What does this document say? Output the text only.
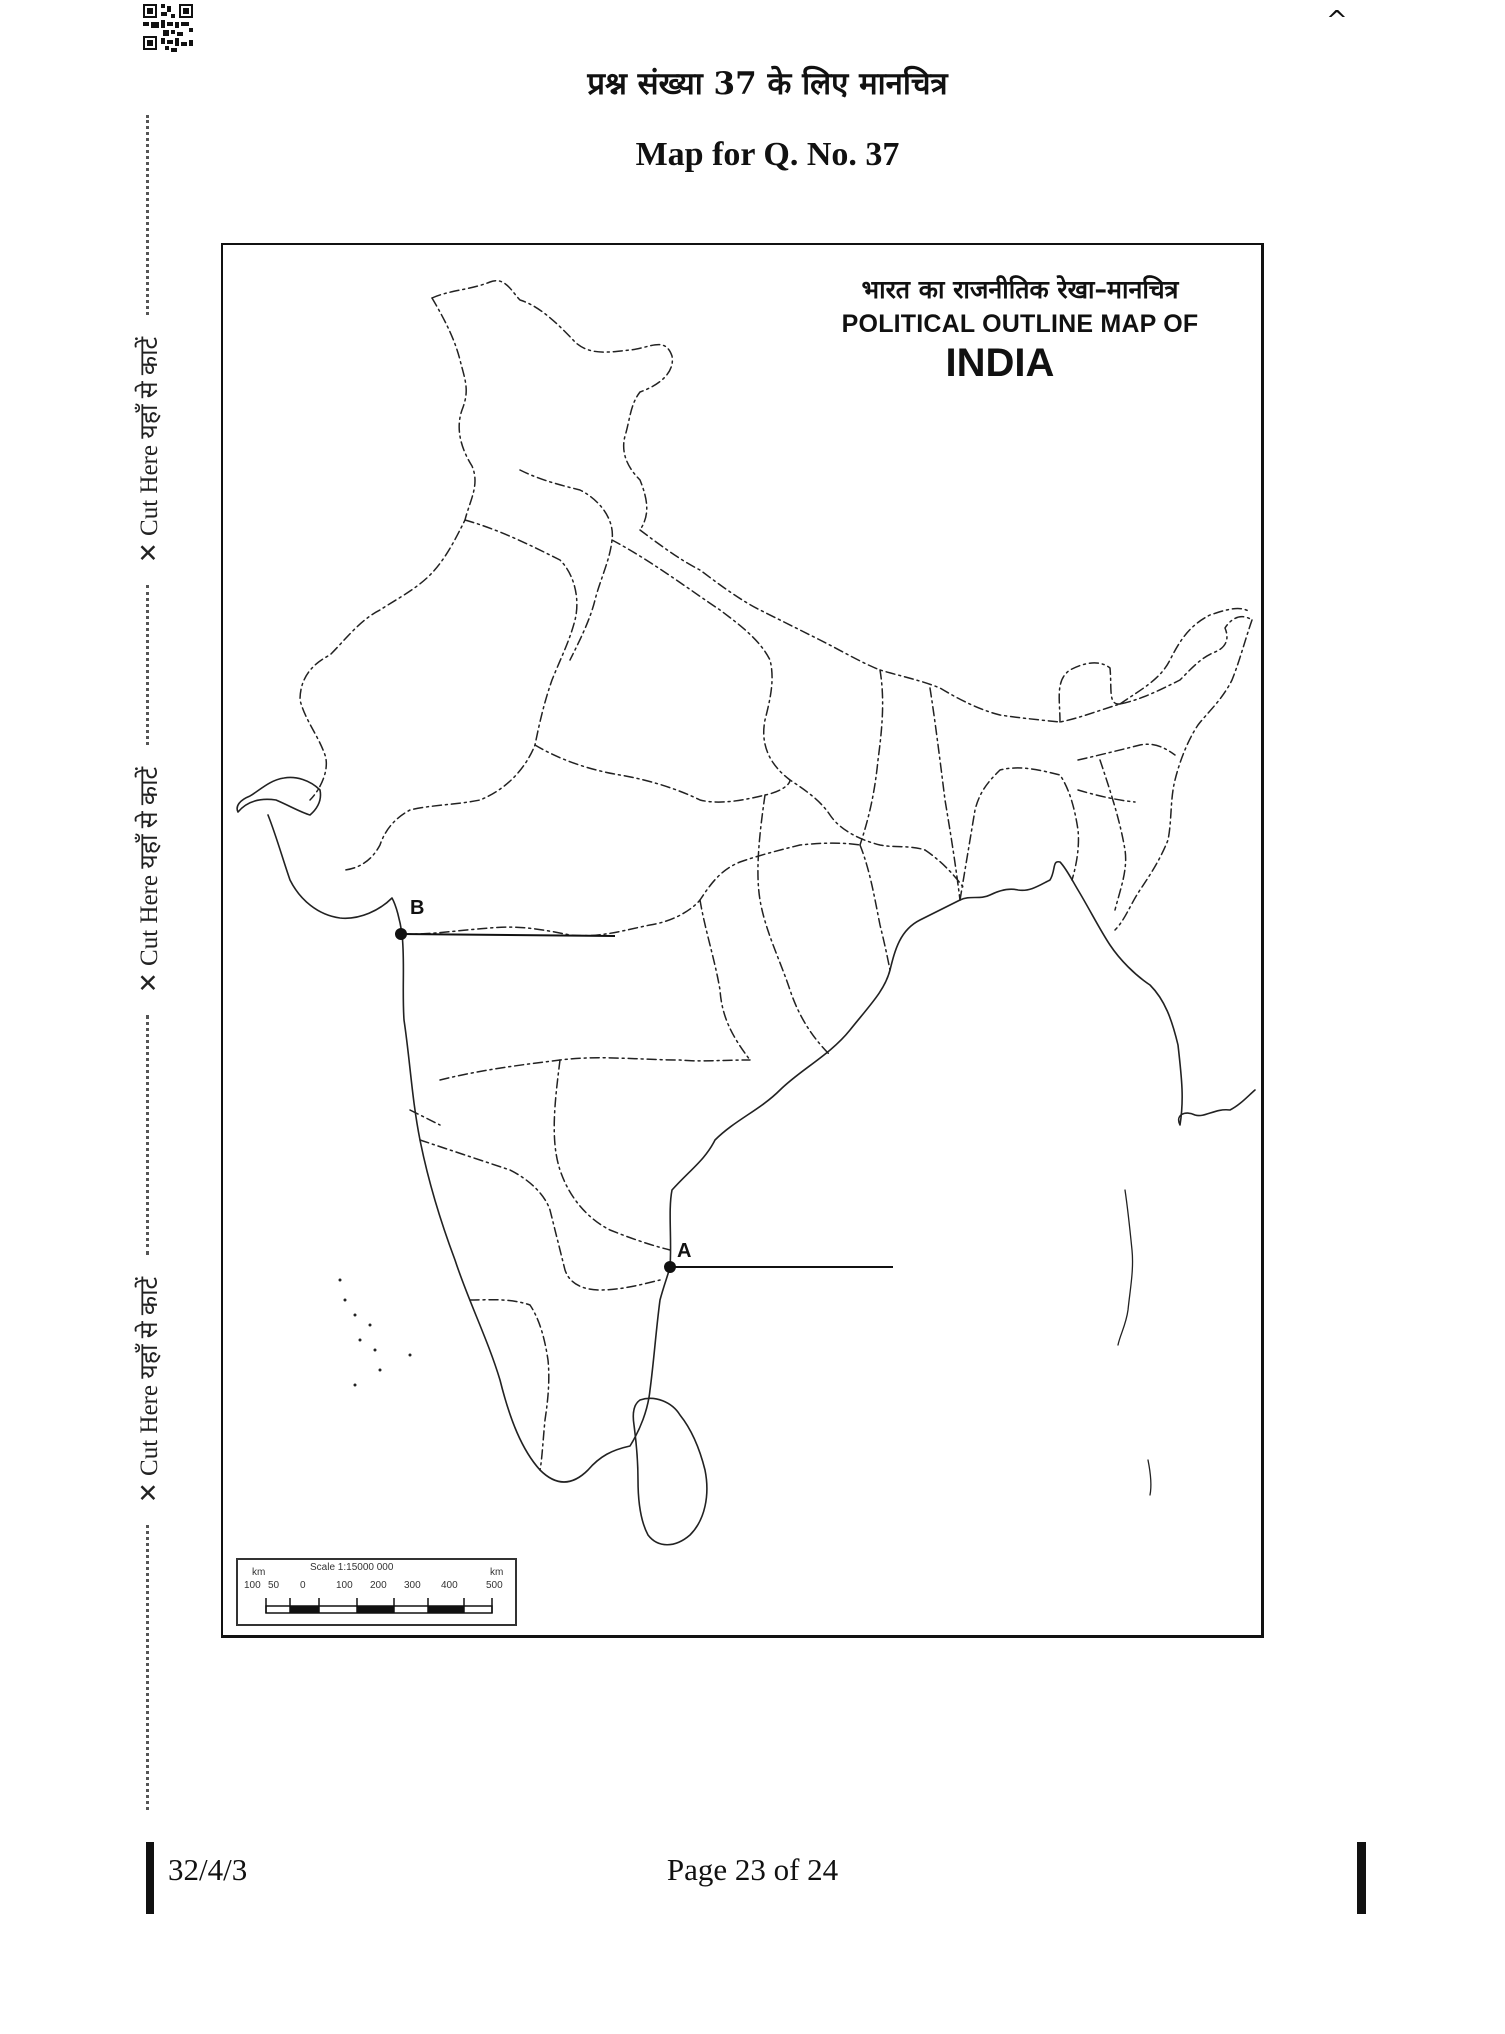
^
प्रश्न संख्या 37 के लिए मानचित्र
Map for Q. No. 37
✕ Cut Here यहाँ से काटें
✕ Cut Here यहाँ से काटें
✕ Cut Here यहाँ से काटें
B
A
भारत का राजनीतिक रेखा–मानचित्र
POLITICAL OUTLINE MAP OF
INDIA
km	Scale 1:15000 000	km
100 50 0	100 200 300 400	500
32/4/3	Page 23 of 24
